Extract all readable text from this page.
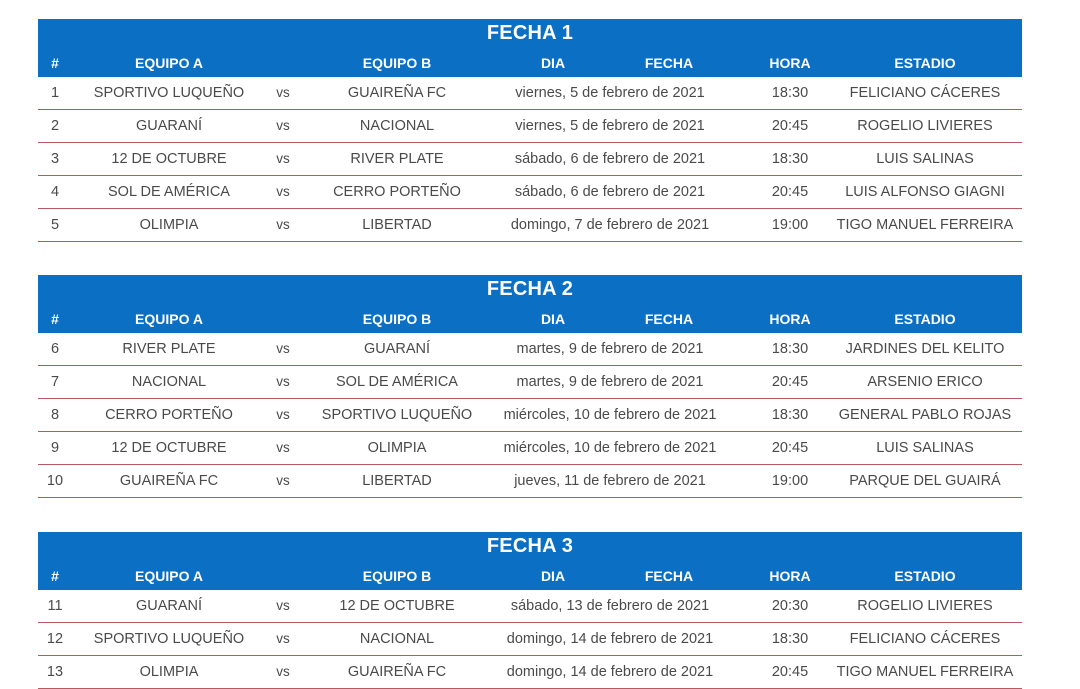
FECHA 1
#	EQUIPO A	EQUIPO B	DIA	FECHA	HORA	ESTADIO
1	SPORTIVO LUQUEÑO	vs	GUAIREÑA FC	viernes, 5 de febrero de 2021	18:30	FELICIANO CÁCERES
2	GUARANÍ	vs	NACIONAL	viernes, 5 de febrero de 2021	20:45	ROGELIO LIVIERES
3	12 DE OCTUBRE	vs	RIVER PLATE	sábado, 6 de febrero de 2021	18:30	LUIS SALINAS
4	SOL DE AMÉRICA	vs	CERRO PORTEÑO	sábado, 6 de febrero de 2021	20:45	LUIS ALFONSO GIAGNI
5	OLIMPIA	vs	LIBERTAD	domingo, 7 de febrero de 2021	19:00	TIGO MANUEL FERREIRA
FECHA 2
#	EQUIPO A	EQUIPO B	DIA	FECHA	HORA	ESTADIO
6	RIVER PLATE	vs	GUARANÍ	martes, 9 de febrero de 2021	18:30	JARDINES DEL KELITO
7	NACIONAL	vs	SOL DE AMÉRICA	martes, 9 de febrero de 2021	20:45	ARSENIO ERICO
8	CERRO PORTEÑO	vs	SPORTIVO LUQUEÑO	miércoles, 10 de febrero de 2021	18:30	GENERAL PABLO ROJAS
9	12 DE OCTUBRE	vs	OLIMPIA	miércoles, 10 de febrero de 2021	20:45	LUIS SALINAS
10	GUAIREÑA FC	vs	LIBERTAD	jueves, 11 de febrero de 2021	19:00	PARQUE DEL GUAIRÁ
FECHA 3
#	EQUIPO A	EQUIPO B	DIA	FECHA	HORA	ESTADIO
11	GUARANÍ	vs	12 DE OCTUBRE	sábado, 13 de febrero de 2021	20:30	ROGELIO LIVIERES
12	SPORTIVO LUQUEÑO	vs	NACIONAL	domingo, 14 de febrero de 2021	18:30	FELICIANO CÁCERES
13	OLIMPIA	vs	GUAIREÑA FC	domingo, 14 de febrero de 2021	20:45	TIGO MANUEL FERREIRA
